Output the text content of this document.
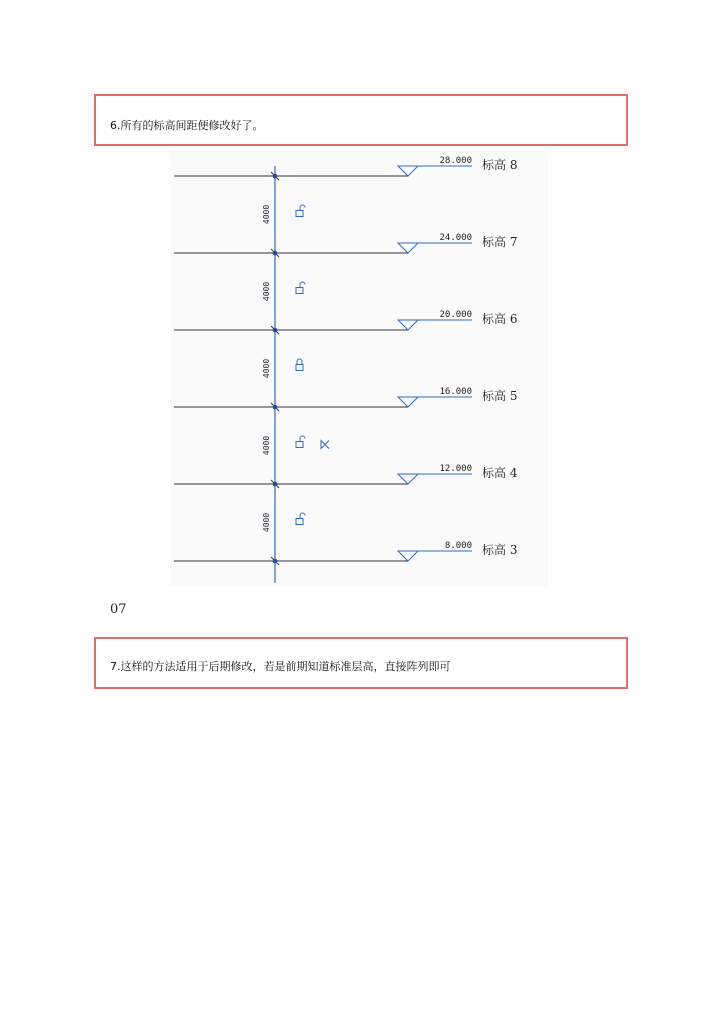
6.所有的标高间距便修改好了。
28.000 标高 8
24.000 标高 7
20.000 标高 6
16.000 标高 5
12.000 标高 4
8.000 标高 3
4000
4000
4000
4000
4000
07
7.这样的方法适用于后期修改，若是前期知道标准层高，直接阵列即可
